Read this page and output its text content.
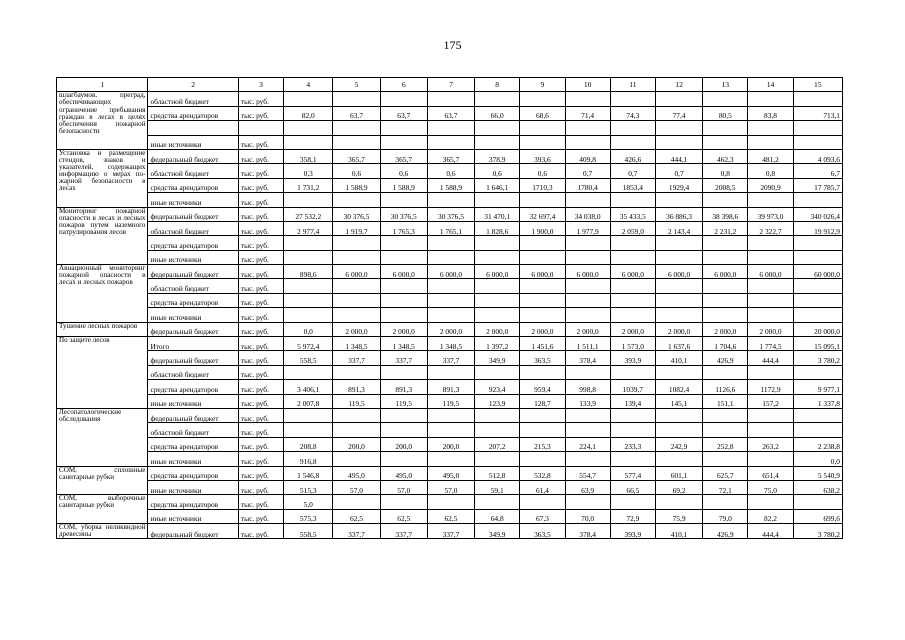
175
1	2	3	4	5	6	7	8	9	10	11	12	13	14	15
шлагбаумов, преград, обеспечивающих ограничение пребывания граждан в лесах в целях обеспечения пожарной безопасности	областной бюджет	тыс. руб.												
	средства арендаторов	тыс. руб.	82,0	63,7	63,7	63,7	66,0	68,6	71,4	74,3	77,4	80,5	83,8	713,1

	иные источники	тыс. руб.												
Установка и размещение стендов, знаков и указателей, содержащих информацию о мерах пожарной безопасности в лесах	федеральный бюджет	тыс. руб.	358,1	365,7	365,7	365,7	378,9	393,6	409,8	426,6	444,1	462,3	481,2	4 093,6
	областной бюджет	тыс. руб.	0,3	0,6	0,6	0,6	0,6	0,6	0,7	0,7	0,7	0,8	0,8	6,7
	средства арендаторов	тыс. руб.	1 731,2	1 588,9	1 588,9	1 588,9	1 646,1	1710,3	1780,4	1853,4	1929,4	2008,5	2090,9	17 785,7
	иные источники	тыс. руб.												
Мониторинг пожарной опасности в лесах и лесных пожаров путем наземного патрулирования лесов	федеральный бюджет	тыс. руб.	27 532,2	30 376,5	30 376,5	30 376,5	31 470,1	32 697,4	34 038,0	35 433,5	36 886,3	38 398,6	39 973,0	340 026,4
	областной бюджет	тыс. руб.	2 977,4	1 919,7	1 765,3	1 765,1	1 828,6	1 900,0	1 977,9	2 059,0	2 143,4	2 231,2	2 322,7	19 912,9
	средства арендаторов	тыс. руб.												
	иные источники	тыс. руб.												
Авиационный мониторинг пожарной опасности в лесах и лесных пожаров	федеральный бюджет	тыс. руб.	898,6	6 000,0	6 000,0	6 000,0	6 000,0	6 000,0	6 000,0	6 000,0	6 000,0	6 000,0	6 000,0	60 000,0
	областной бюджет	тыс. руб.												
	средства арендаторов	тыс. руб.												
	иные источники	тыс. руб.												
Тушение лесных пожаров	федеральный бюджет	тыс. руб.	0,0	2 000,0	2 000,0	2 000,0	2 000,0	2 000,0	2 000,0	2 000,0	2 000,0	2 000,0	2 000,0	20 000,0
По защите лесов	Итого	тыс. руб.	5 972,4	1 348,5	1 348,5	1 348,5	1 397,2	1 451,6	1 511,1	1 573,0	1 637,6	1 704,6	1 774,5	15 095,1
	федеральный бюджет	тыс. руб.	558,5	337,7	337,7	337,7	349,9	363,5	378,4	393,9	410,1	426,9	444,4	3 780,2
	областной бюджет	тыс. руб.												
	средства арендаторов	тыс. руб.	3 406,1	891,3	891,3	891,3	923,4	959,4	998,8	1039,7	1082,4	1126,6	1172,9	9 977,1
	иные источники	тыс. руб.	2 007,8	119,5	119,5	119,5	123,9	128,7	133,9	139,4	145,1	151,1	157,2	1 337,8
Лесопатологические обследования	федеральный бюджет	тыс. руб.												
	областной бюджет	тыс. руб.												
	средства арендаторов	тыс. руб.	208,8	200,0	200,0	200,0	207,2	215,3	224,1	233,3	242,9	252,8	263,2	2 238,8
	иные источники	тыс. руб.	916,8											0,0
СОМ, сплошные санитарные рубки	средства арендаторов	тыс. руб.	1 546,8	495,0	495,0	495,0	512,8	532,8	554,7	577,4	601,1	625,7	651,4	5 540,9
	иные источники	тыс. руб.	515,3	57,0	57,0	57,0	59,1	61,4	63,9	66,5	69,2	72,1	75,0	638,2
СОМ, выборочные санитарные рубки	средства арендаторов	тыс. руб.	5,0											
	иные источники	тыс. руб.	575,3	62,5	62,5	62,5	64,8	67,3	70,0	72,9	75,9	79,0	82,2	699,6
СОМ, уборка неликвидной древесины	федеральный бюджет	тыс. руб.	558,5	337,7	337,7	337,7	349,9	363,5	378,4	393,9	410,1	426,9	444,4	3 780,2
